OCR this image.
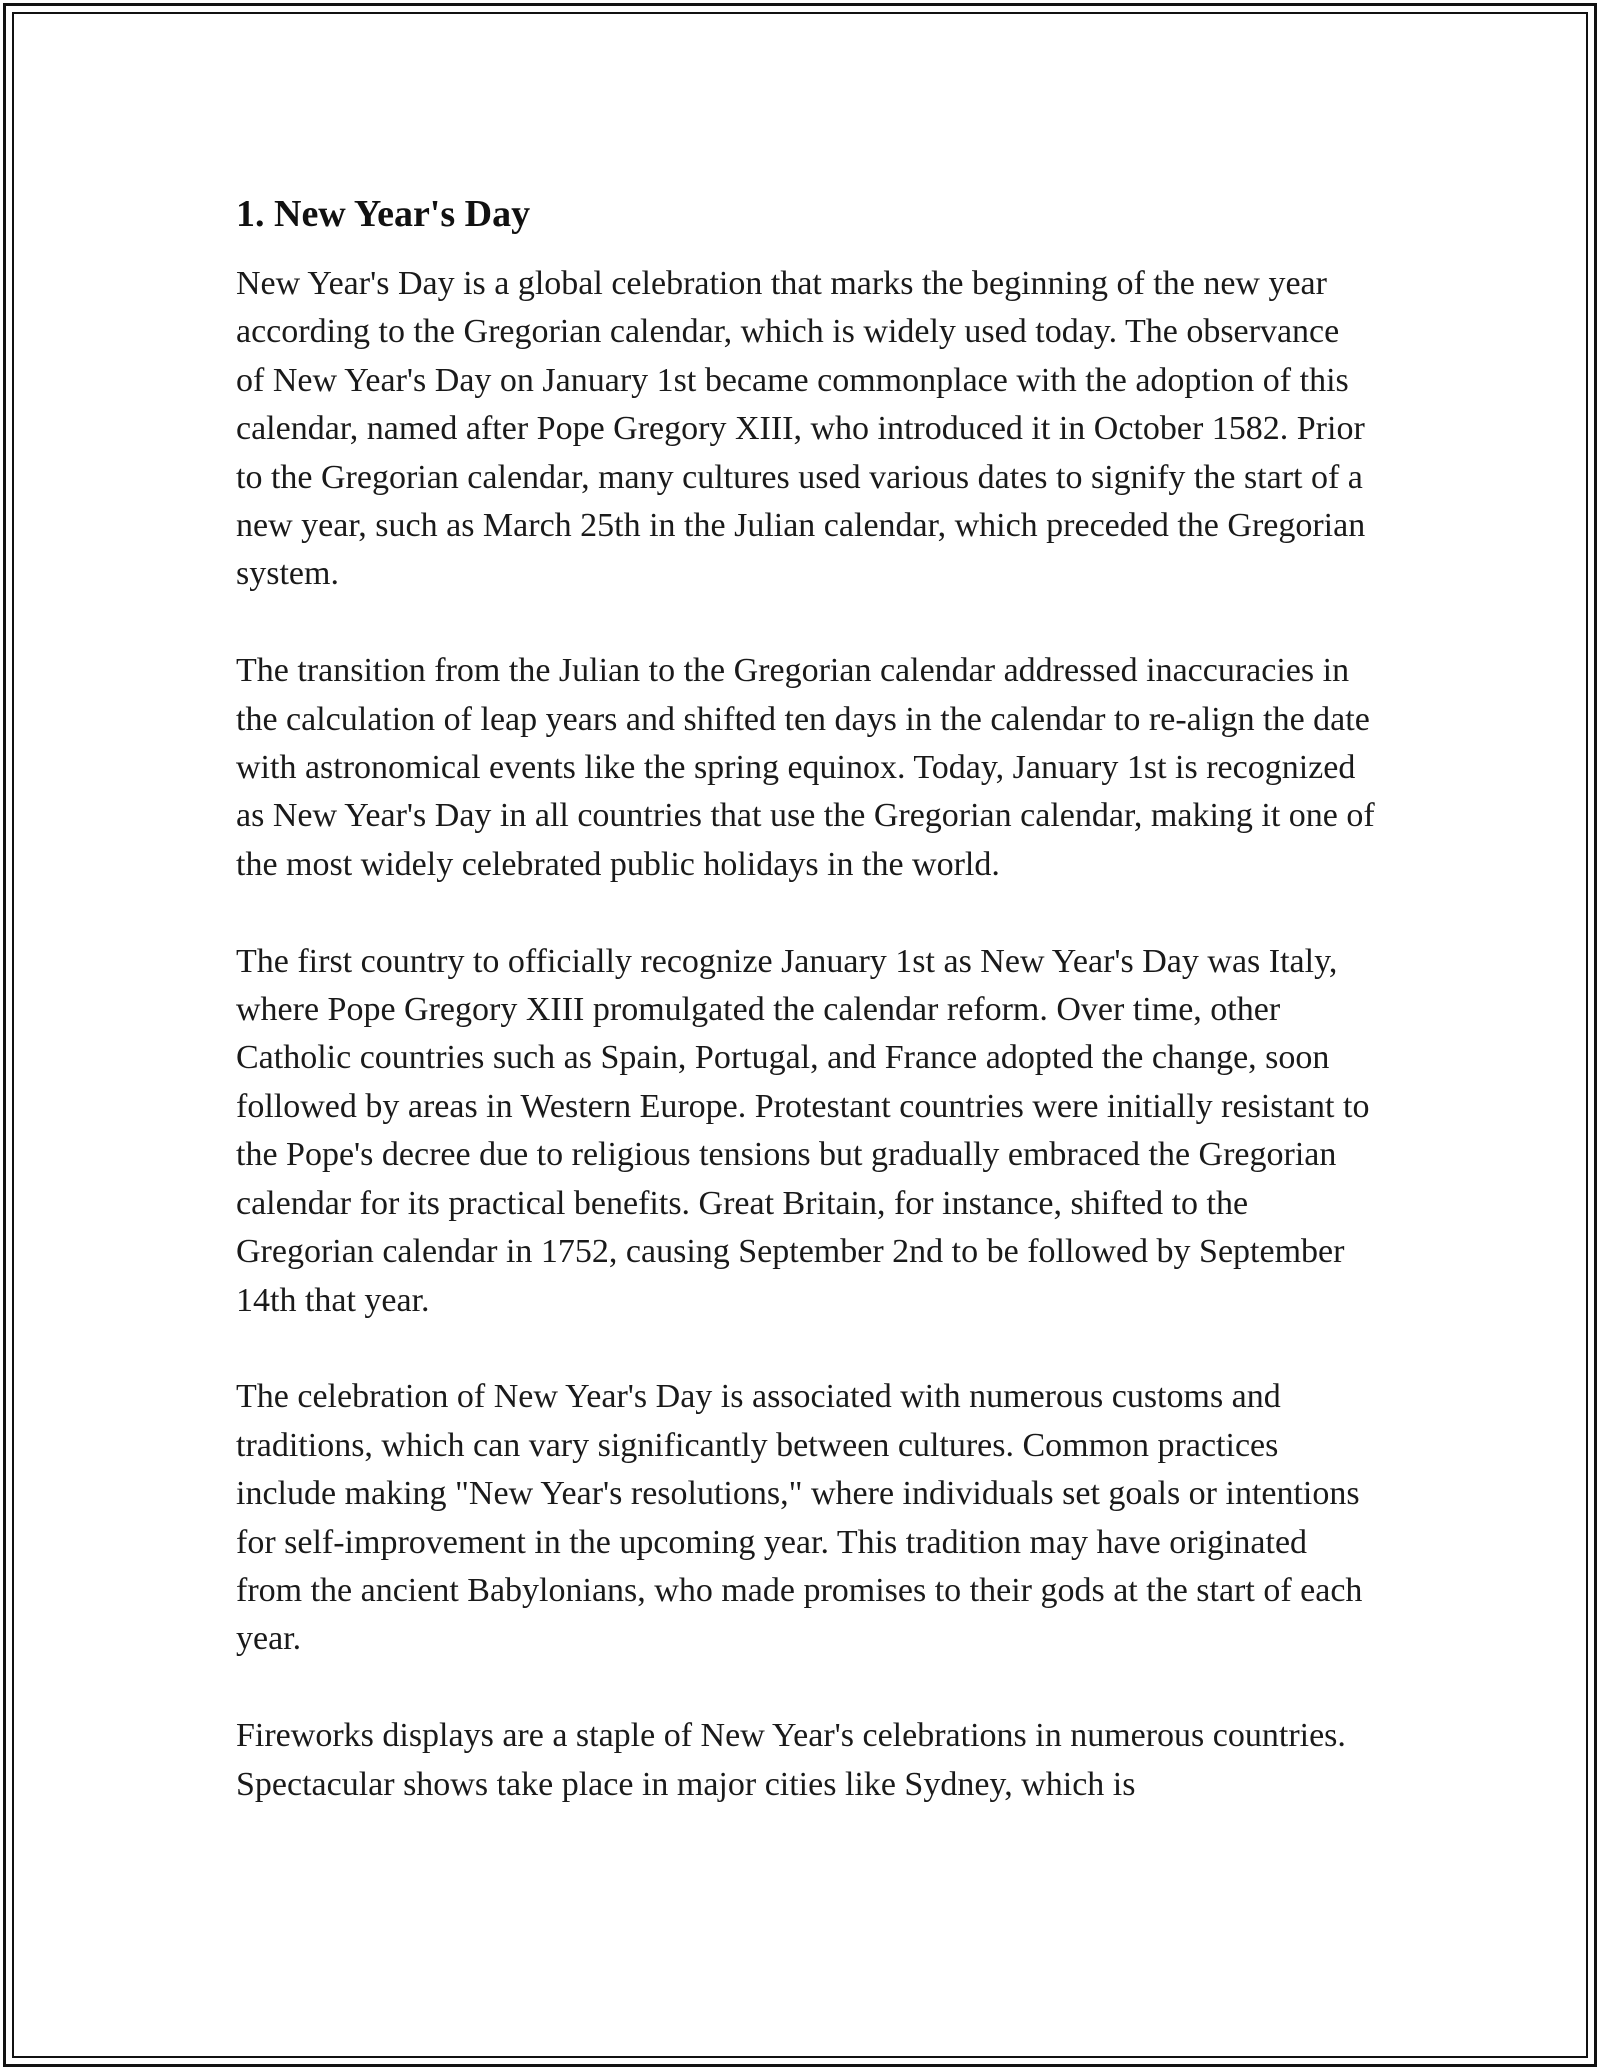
1. New Year's Day

New Year's Day is a global celebration that marks the beginning of the new year according to the Gregorian calendar, which is widely used today. The observance of New Year's Day on January 1st became commonplace with the adoption of this calendar, named after Pope Gregory XIII, who introduced it in October 1582. Prior to the Gregorian calendar, many cultures used various dates to signify the start of a new year, such as March 25th in the Julian calendar, which preceded the Gregorian system.

The transition from the Julian to the Gregorian calendar addressed inaccuracies in the calculation of leap years and shifted ten days in the calendar to re-align the date with astronomical events like the spring equinox. Today, January 1st is recognized as New Year's Day in all countries that use the Gregorian calendar, making it one of the most widely celebrated public holidays in the world.

The first country to officially recognize January 1st as New Year's Day was Italy, where Pope Gregory XIII promulgated the calendar reform. Over time, other Catholic countries such as Spain, Portugal, and France adopted the change, soon followed by areas in Western Europe. Protestant countries were initially resistant to the Pope's decree due to religious tensions but gradually embraced the Gregorian calendar for its practical benefits. Great Britain, for instance, shifted to the Gregorian calendar in 1752, causing September 2nd to be followed by September 14th that year.

The celebration of New Year's Day is associated with numerous customs and traditions, which can vary significantly between cultures. Common practices include making "New Year's resolutions," where individuals set goals or intentions for self-improvement in the upcoming year. This tradition may have originated from the ancient Babylonians, who made promises to their gods at the start of each year.

Fireworks displays are a staple of New Year's celebrations in numerous countries. Spectacular shows take place in major cities like Sydney, which is
